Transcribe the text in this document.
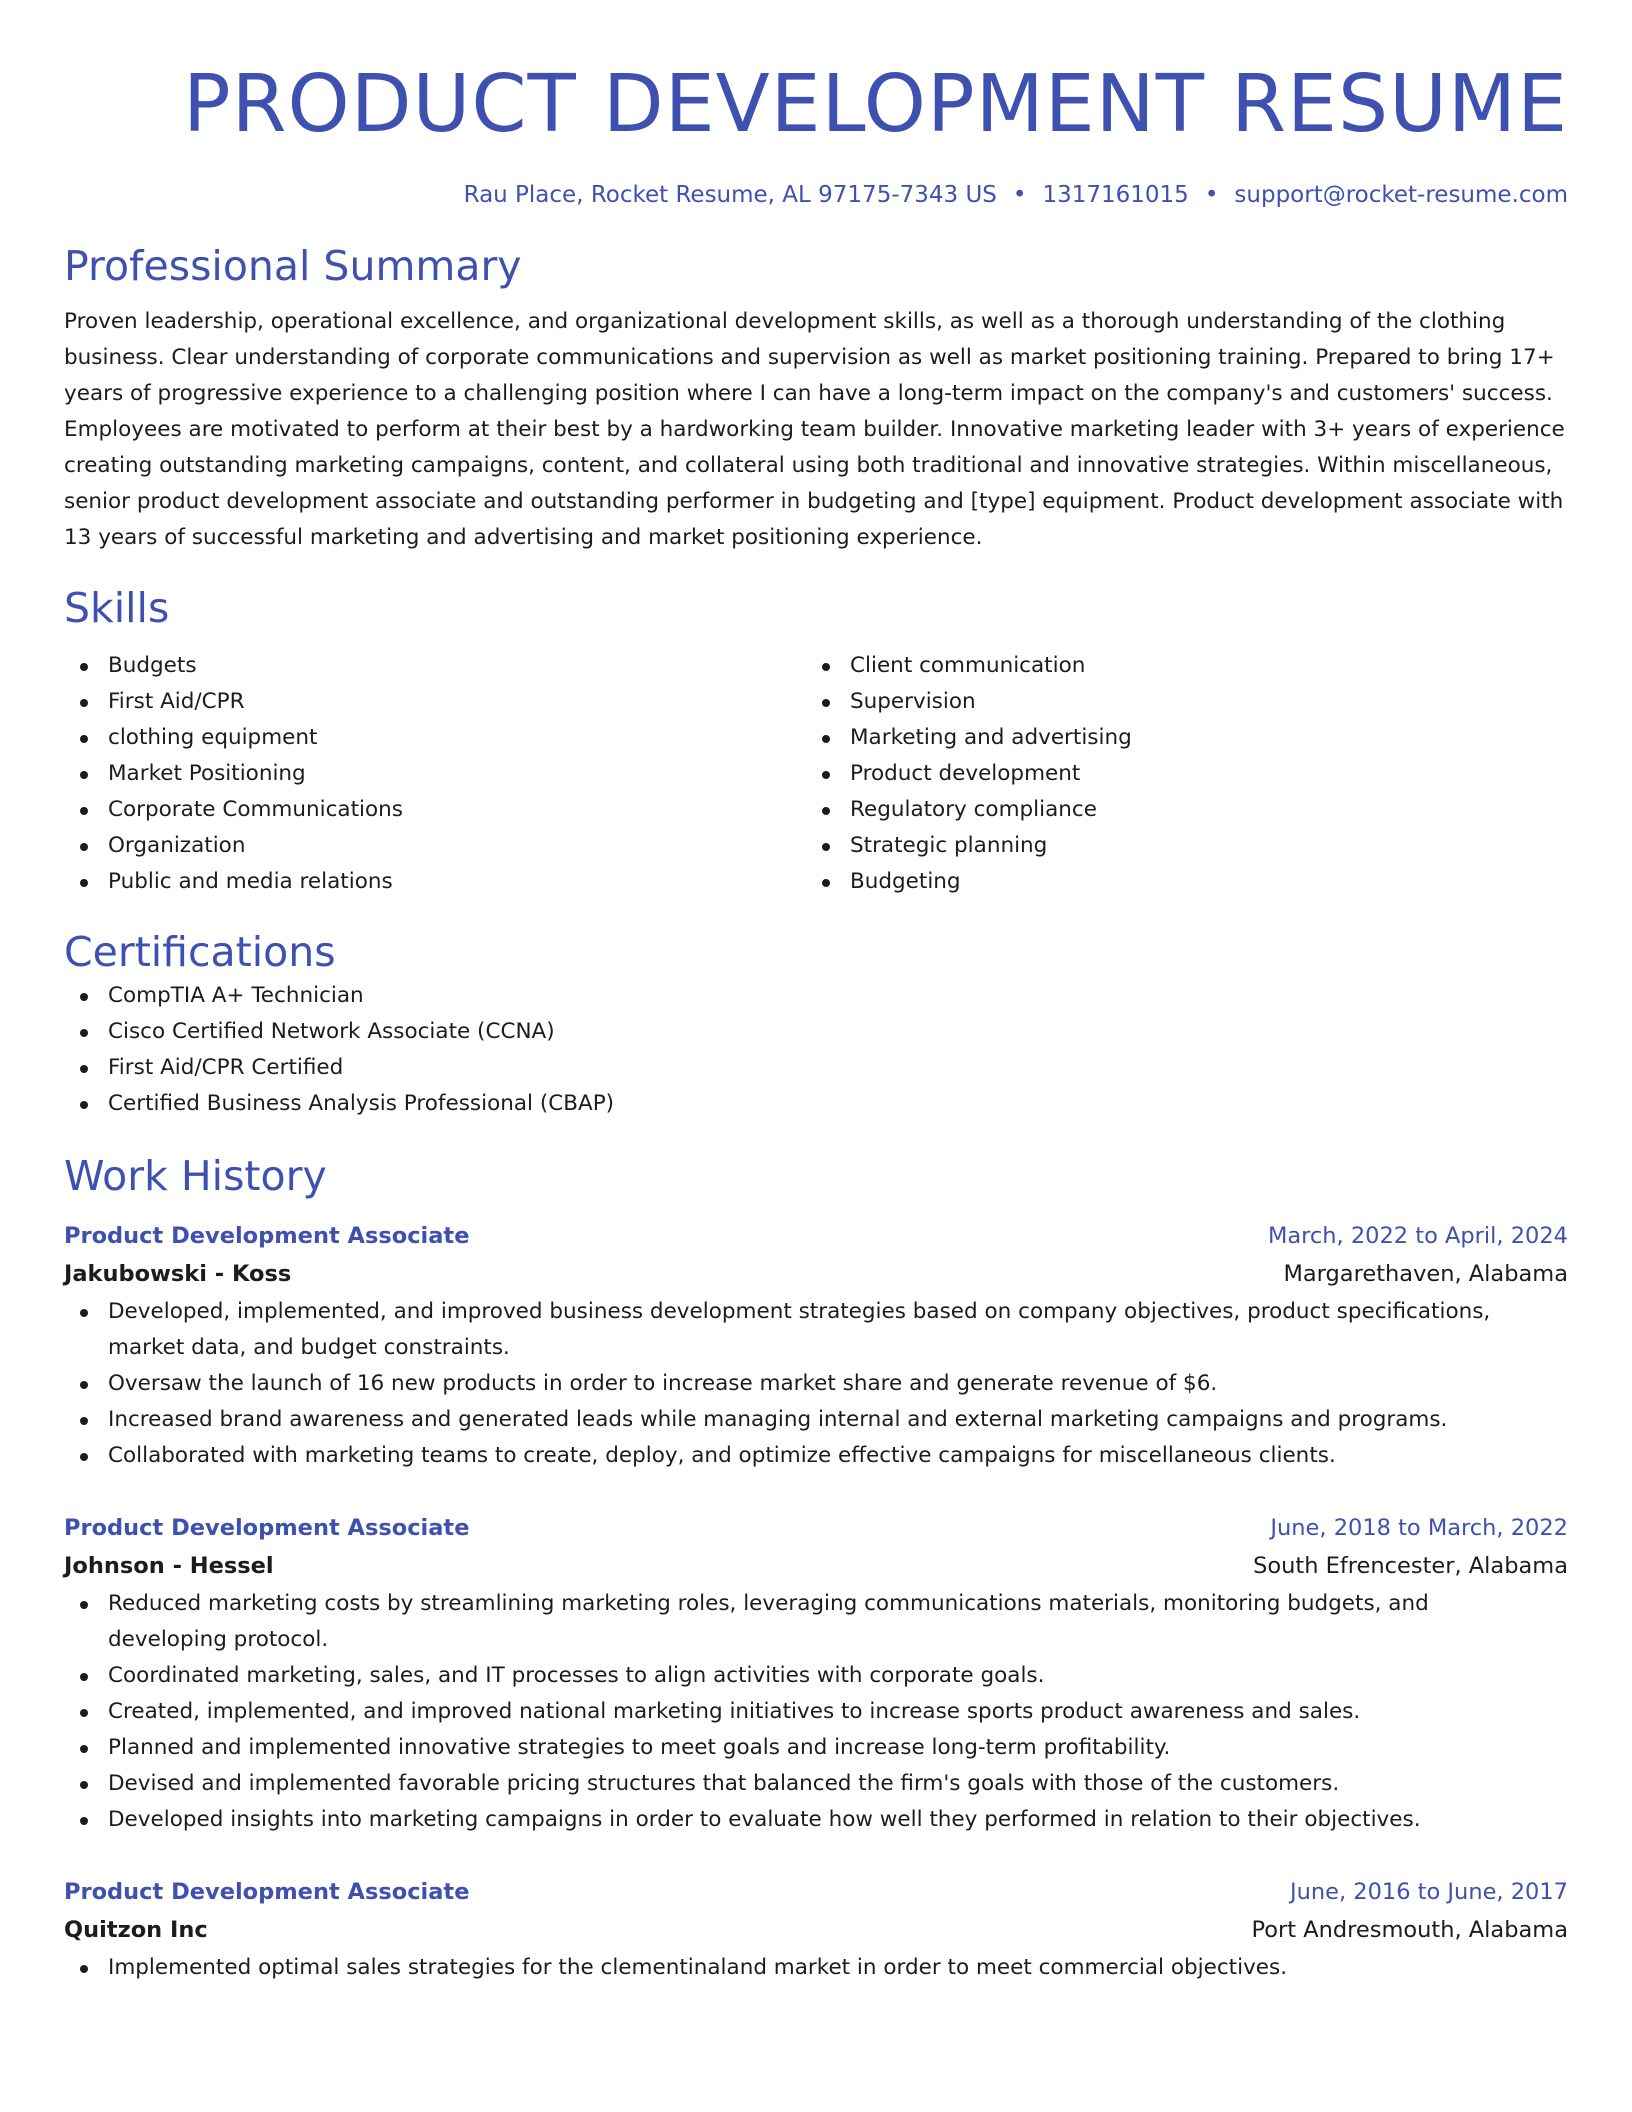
PRODUCT DEVELOPMENT RESUME
Rau Place, Rocket Resume, AL 97175-7343 US • 1317161015 • support@rocket-resume.com
Professional Summary
Proven leadership, operational excellence, and organizational development skills, as well as a thorough understanding of the clothing business. Clear understanding of corporate communications and supervision as well as market positioning training. Prepared to bring 17+ years of progressive experience to a challenging position where I can have a long-term impact on the company's and customers' success. Employees are motivated to perform at their best by a hardworking team builder. Innovative marketing leader with 3+ years of experience creating outstanding marketing campaigns, content, and collateral using both traditional and innovative strategies. Within miscellaneous, senior product development associate and outstanding performer in budgeting and [type] equipment. Product development associate with 13 years of successful marketing and advertising and market positioning experience.
Skills
Budgets
First Aid/CPR
clothing equipment
Market Positioning
Corporate Communications
Organization
Public and media relations
Client communication
Supervision
Marketing and advertising
Product development
Regulatory compliance
Strategic planning
Budgeting
Certifications
CompTIA A+ Technician
Cisco Certified Network Associate (CCNA)
First Aid/CPR Certified
Certified Business Analysis Professional (CBAP)
Work History
Product Development Associate	March, 2022 to April, 2024
Jakubowski - Koss	Margarethaven, Alabama
Developed, implemented, and improved business development strategies based on company objectives, product specifications, market data, and budget constraints.
Oversaw the launch of 16 new products in order to increase market share and generate revenue of $6.
Increased brand awareness and generated leads while managing internal and external marketing campaigns and programs.
Collaborated with marketing teams to create, deploy, and optimize effective campaigns for miscellaneous clients.
Product Development Associate	June, 2018 to March, 2022
Johnson - Hessel	South Efrencester, Alabama
Reduced marketing costs by streamlining marketing roles, leveraging communications materials, monitoring budgets, and developing protocol.
Coordinated marketing, sales, and IT processes to align activities with corporate goals.
Created, implemented, and improved national marketing initiatives to increase sports product awareness and sales.
Planned and implemented innovative strategies to meet goals and increase long-term profitability.
Devised and implemented favorable pricing structures that balanced the firm's goals with those of the customers.
Developed insights into marketing campaigns in order to evaluate how well they performed in relation to their objectives.
Product Development Associate	June, 2016 to June, 2017
Quitzon Inc	Port Andresmouth, Alabama
Implemented optimal sales strategies for the clementinaland market in order to meet commercial objectives.
